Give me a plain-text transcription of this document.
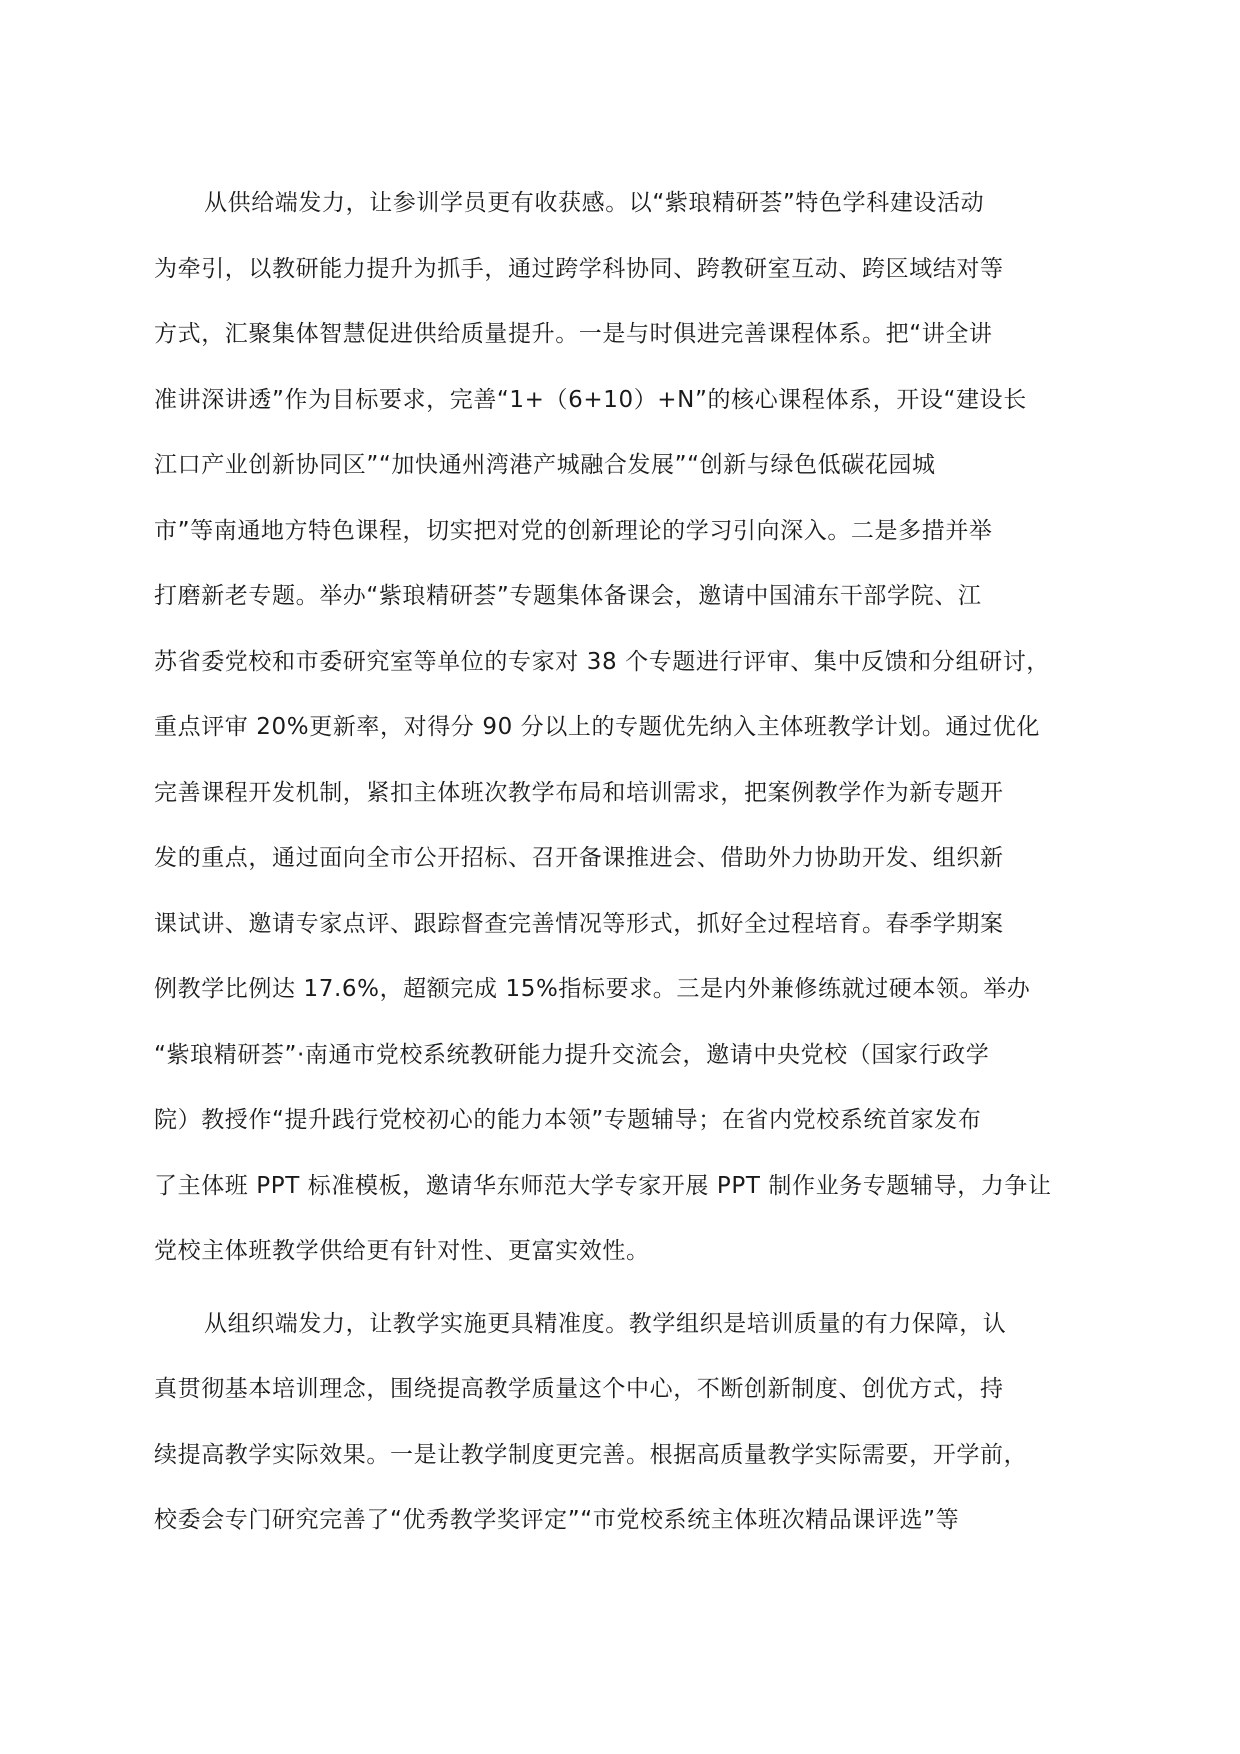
从供给端发力，让参训学员更有收获感。以“紫琅精研荟”特色学科建设活动
为牵引，以教研能力提升为抓手，通过跨学科协同、跨教研室互动、跨区域结对等
方式，汇聚集体智慧促进供给质量提升。一是与时俱进完善课程体系。把“讲全讲
准讲深讲透”作为目标要求，完善“1+（6+10）+N”的核心课程体系，开设“建设长
江口产业创新协同区”“加快通州湾港产城融合发展”“创新与绿色低碳花园城
市”等南通地方特色课程，切实把对党的创新理论的学习引向深入。二是多措并举
打磨新老专题。举办“紫琅精研荟”专题集体备课会，邀请中国浦东干部学院、江
苏省委党校和市委研究室等单位的专家对 38 个专题进行评审、集中反馈和分组研讨，
重点评审 20%更新率，对得分 90 分以上的专题优先纳入主体班教学计划。通过优化
完善课程开发机制，紧扣主体班次教学布局和培训需求，把案例教学作为新专题开
发的重点，通过面向全市公开招标、召开备课推进会、借助外力协助开发、组织新
课试讲、邀请专家点评、跟踪督查完善情况等形式，抓好全过程培育。春季学期案
例教学比例达 17.6%，超额完成 15%指标要求。三是内外兼修练就过硬本领。举办
“紫琅精研荟”·南通市党校系统教研能力提升交流会，邀请中央党校（国家行政学
院）教授作“提升践行党校初心的能力本领”专题辅导；在省内党校系统首家发布
了主体班 PPT 标准模板，邀请华东师范大学专家开展 PPT 制作业务专题辅导，力争让
党校主体班教学供给更有针对性、更富实效性。

从组织端发力，让教学实施更具精准度。教学组织是培训质量的有力保障，认
真贯彻基本培训理念，围绕提高教学质量这个中心，不断创新制度、创优方式，持
续提高教学实际效果。一是让教学制度更完善。根据高质量教学实际需要，开学前，
校委会专门研究完善了“优秀教学奖评定”“市党校系统主体班次精品课评选”等
